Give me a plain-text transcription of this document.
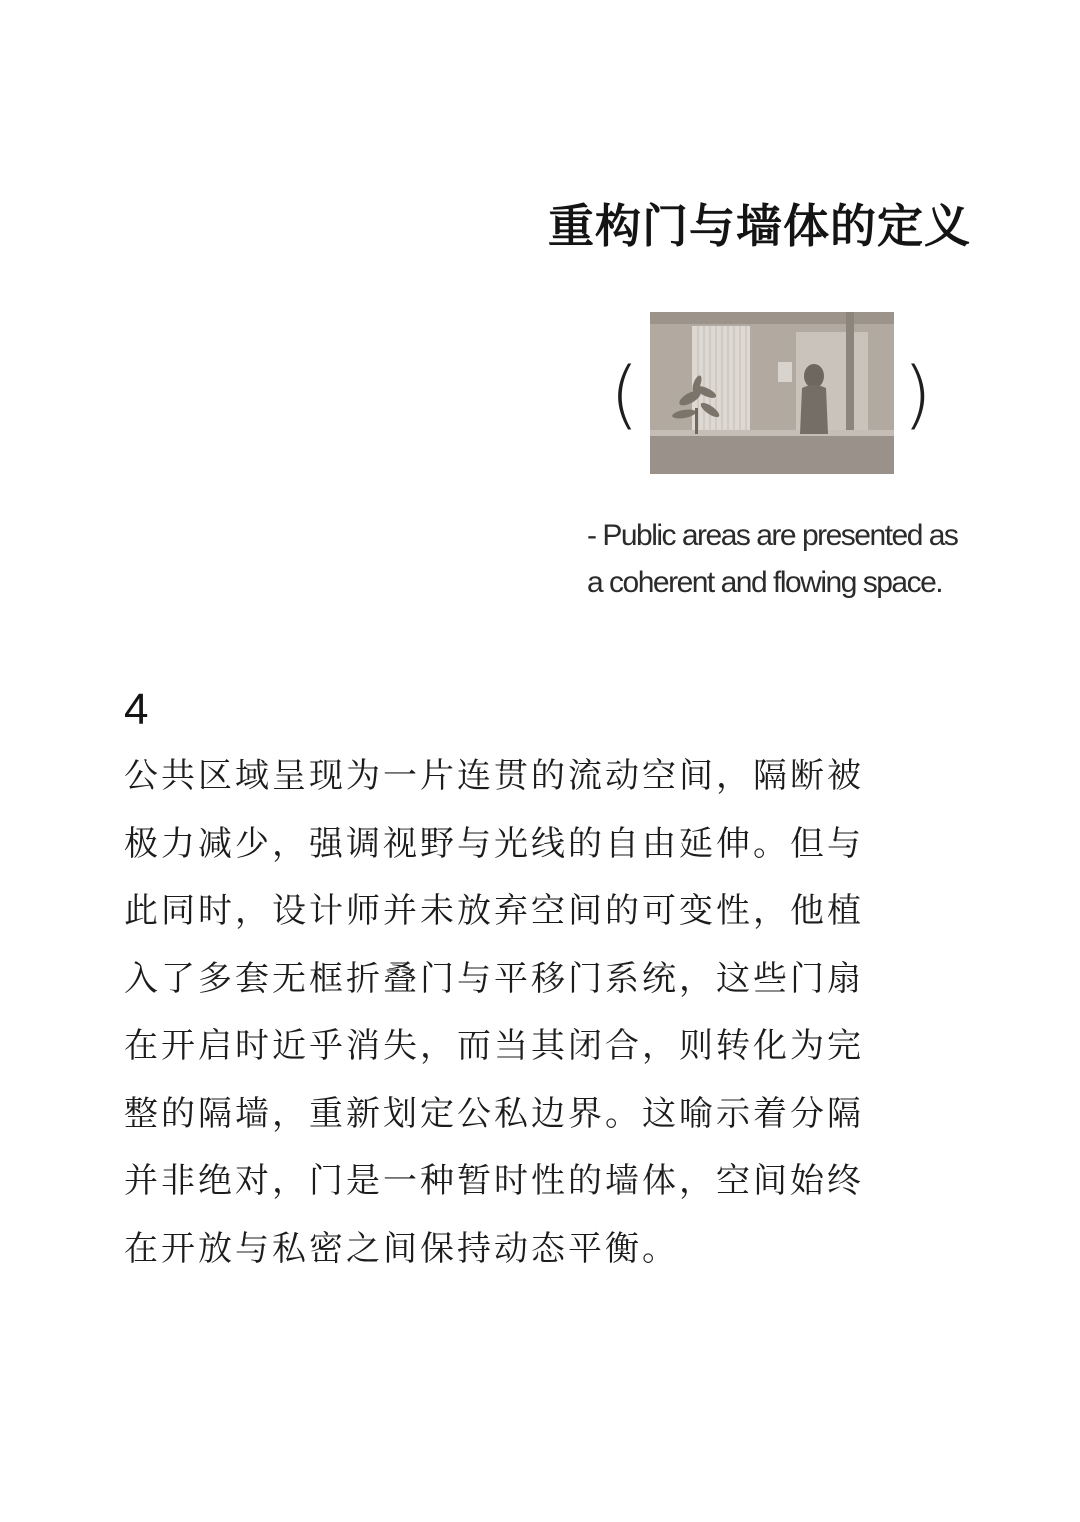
重构门与墙体的定义
(	)
- Public areas are presented as
a coherent and flowing space.
4
公共区域呈现为一片连贯的流动空间，隔断被
极力减少，强调视野与光线的自由延伸。但与
此同时，设计师并未放弃空间的可变性，他植
入了多套无框折叠门与平移门系统，这些门扇
在开启时近乎消失，而当其闭合，则转化为完
整的隔墙，重新划定公私边界。这喻示着分隔
并非绝对，门是一种暂时性的墙体，空间始终
在开放与私密之间保持动态平衡。
